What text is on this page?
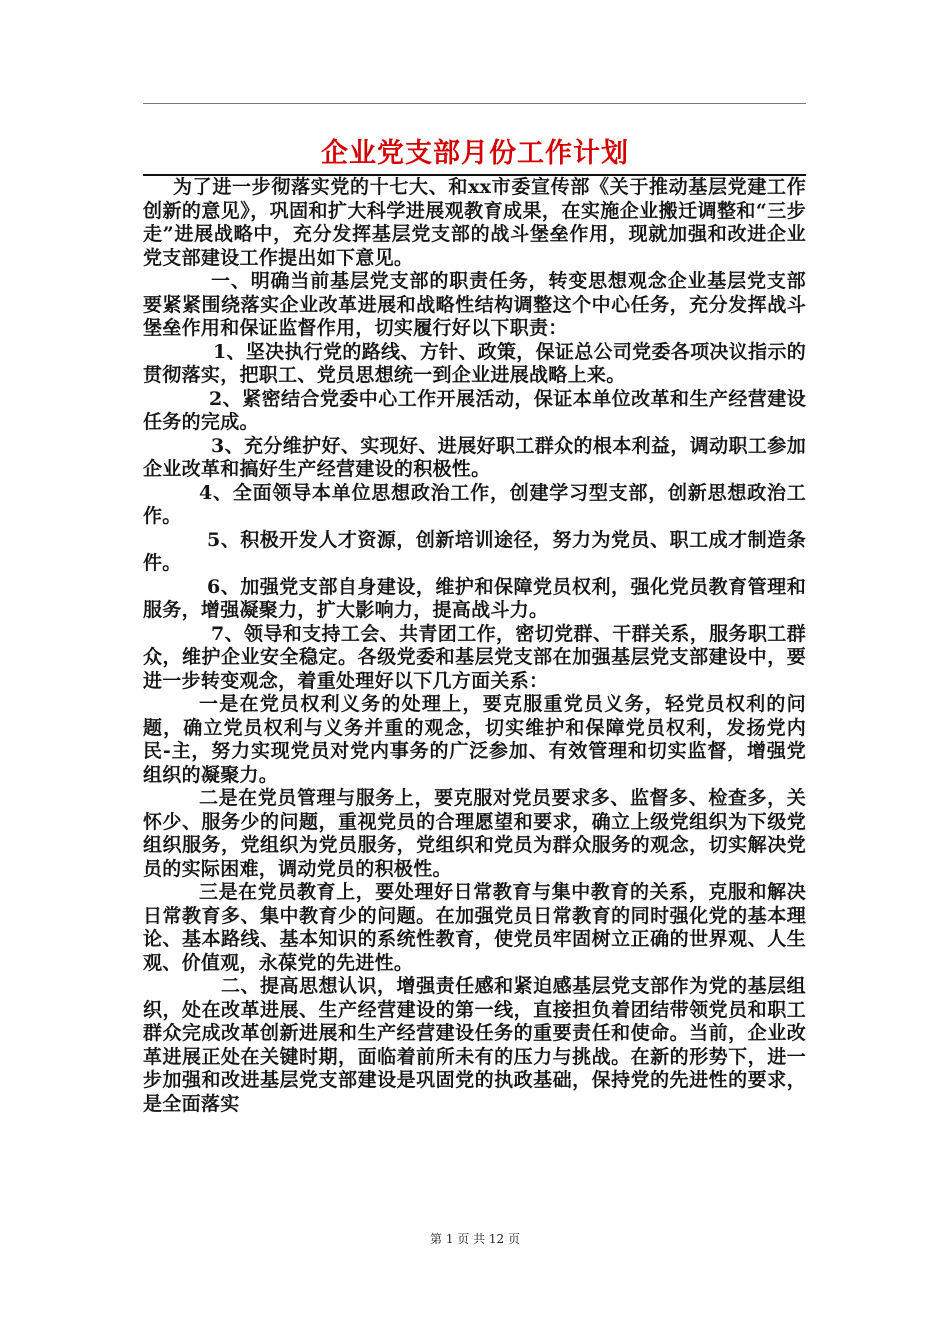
企业党支部月份工作计划

为了进一步彻落实党的十七大、和xx市委宣传部《关于推动基层党建工作创新的意见》，巩固和扩大科学进展观教育成果，在实施企业搬迁调整和“三步走”进展战略中，充分发挥基层党支部的战斗堡垒作用，现就加强和改进企业党支部建设工作提出如下意见。

一、明确当前基层党支部的职责任务，转变思想观念企业基层党支部要紧紧围绕落实企业改革进展和战略性结构调整这个中心任务，充分发挥战斗堡垒作用和保证监督作用，切实履行好以下职责：

1、坚决执行党的路线、方针、政策，保证总公司党委各项决议指示的贯彻落实，把职工、党员思想统一到企业进展战略上来。

2、紧密结合党委中心工作开展活动，保证本单位改革和生产经营建设任务的完成。

3、充分维护好、实现好、进展好职工群众的根本利益，调动职工参加企业改革和搞好生产经营建设的积极性。

4、全面领导本单位思想政治工作，创建学习型支部，创新思想政治工作。

5、积极开发人才资源，创新培训途径，努力为党员、职工成才制造条件。

6、加强党支部自身建设，维护和保障党员权利，强化党员教育管理和服务，增强凝聚力，扩大影响力，提高战斗力。

7、领导和支持工会、共青团工作，密切党群、干群关系，服务职工群众，维护企业安全稳定。各级党委和基层党支部在加强基层党支部建设中，要进一步转变观念，着重处理好以下几方面关系：

一是在党员权利义务的处理上，要克服重党员义务，轻党员权利的问题，确立党员权利与义务并重的观念，切实维护和保障党员权利，发扬党内民-主，努力实现党员对党内事务的广泛参加、有效管理和切实监督，增强党组织的凝聚力。

二是在党员管理与服务上，要克服对党员要求多、监督多、检查多，关怀少、服务少的问题，重视党员的合理愿望和要求，确立上级党组织为下级党组织服务，党组织为党员服务，党组织和党员为群众服务的观念，切实解决党员的实际困难，调动党员的积极性。

三是在党员教育上，要处理好日常教育与集中教育的关系，克服和解决日常教育多、集中教育少的问题。在加强党员日常教育的同时强化党的基本理论、基本路线、基本知识的系统性教育，使党员牢固树立正确的世界观、人生观、价值观，永葆党的先进性。

二、提高思想认识，增强责任感和紧迫感基层党支部作为党的基层组织，处在改革进展、生产经营建设的第一线，直接担负着团结带领党员和职工群众完成改革创新进展和生产经营建设任务的重要责任和使命。当前，企业改革进展正处在关键时期，面临着前所未有的压力与挑战。在新的形势下，进一步加强和改进基层党支部建设是巩固党的执政基础，保持党的先进性的要求，是全面落实

第 1 页 共 12 页
